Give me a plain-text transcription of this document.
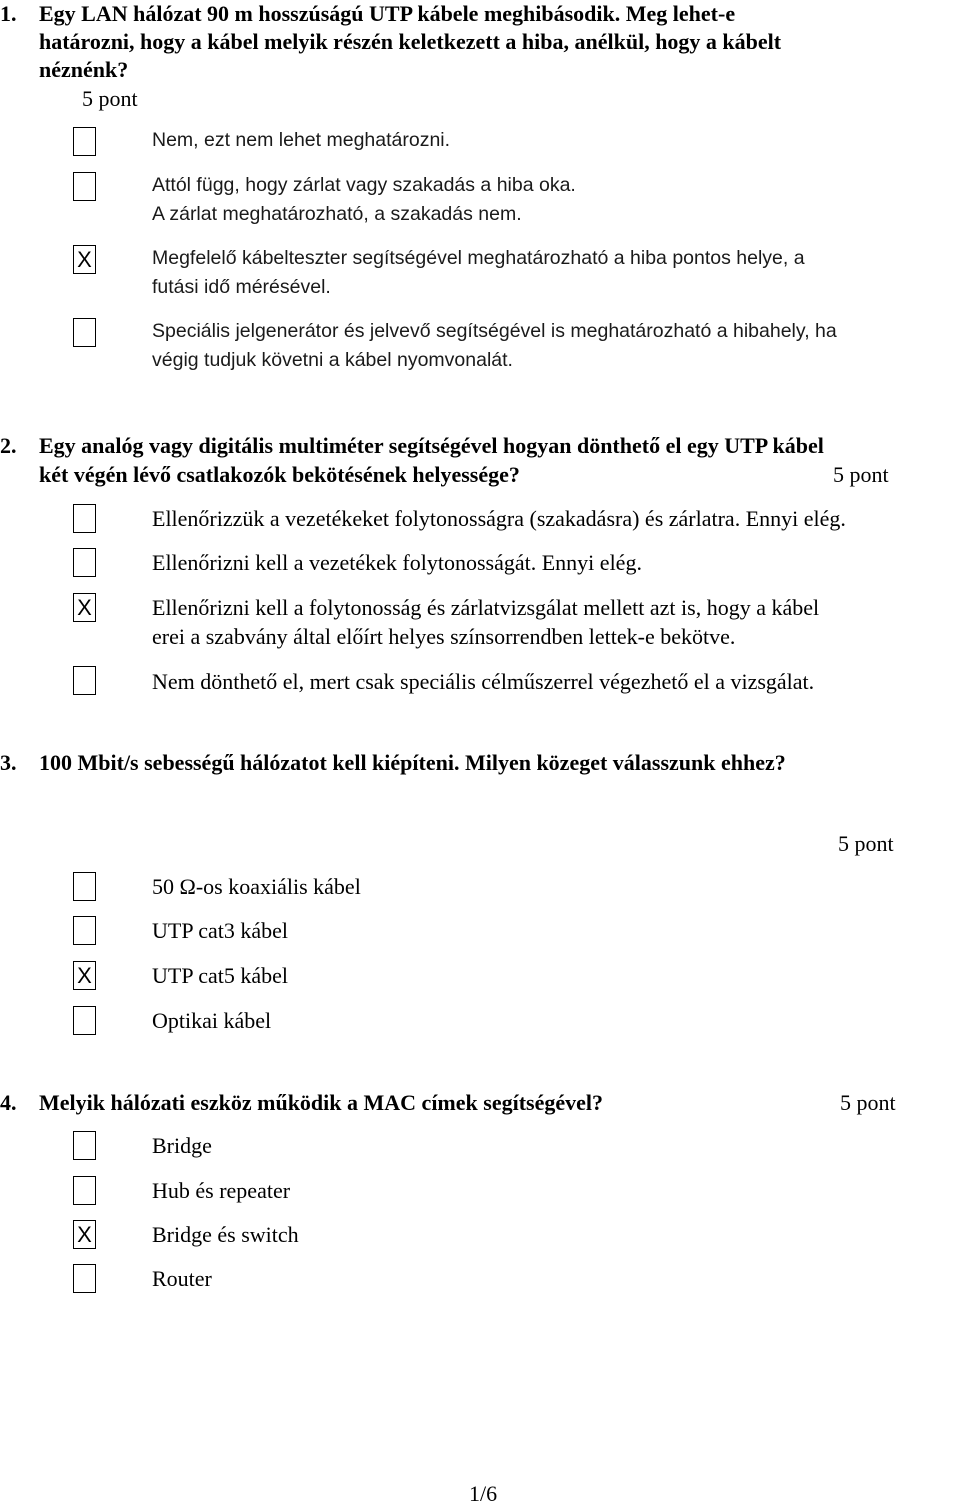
1. Egy LAN hálózat 90 m hosszúságú UTP kábele meghibásodik. Meg lehet-e
határozni, hogy a kábel melyik részén keletkezett a hiba, anélkül, hogy a kábelt
néznénk?
5 pont
Nem, ezt nem lehet meghatározni.
Attól függ, hogy zárlat vagy szakadás a hiba oka.
A zárlat meghatározható, a szakadás nem.
X	Megfelelő kábelteszter segítségével meghatározható a hiba pontos helye, a
futási idő mérésével.
Speciális jelgenerátor és jelvevő segítségével is meghatározható a hibahely, ha
végig tudjuk követni a kábel nyomvonalát.
2. Egy analóg vagy digitális multiméter segítségével hogyan dönthető el egy UTP kábel
két végén lévő csatlakozók bekötésének helyessége?	5 pont
Ellenőrizzük a vezetékeket folytonosságra (szakadásra) és zárlatra. Ennyi elég.
Ellenőrizni kell a vezetékek folytonosságát. Ennyi elég.
X	Ellenőrizni kell a folytonosság és zárlatvizsgálat mellett azt is, hogy a kábel
erei a szabvány által előírt helyes színsorrendben lettek-e bekötve.
Nem dönthető el, mert csak speciális célműszerrel végezhető el a vizsgálat.
3. 100 Mbit/s sebességű hálózatot kell kiépíteni. Milyen közeget válasszunk ehhez?
5 pont
50 Ω-os koaxiális kábel
UTP cat3 kábel
X	UTP cat5 kábel
Optikai kábel
4. Melyik hálózati eszköz működik a MAC címek segítségével?	5 pont
Bridge
Hub és repeater
X	Bridge és switch
Router
1/6
